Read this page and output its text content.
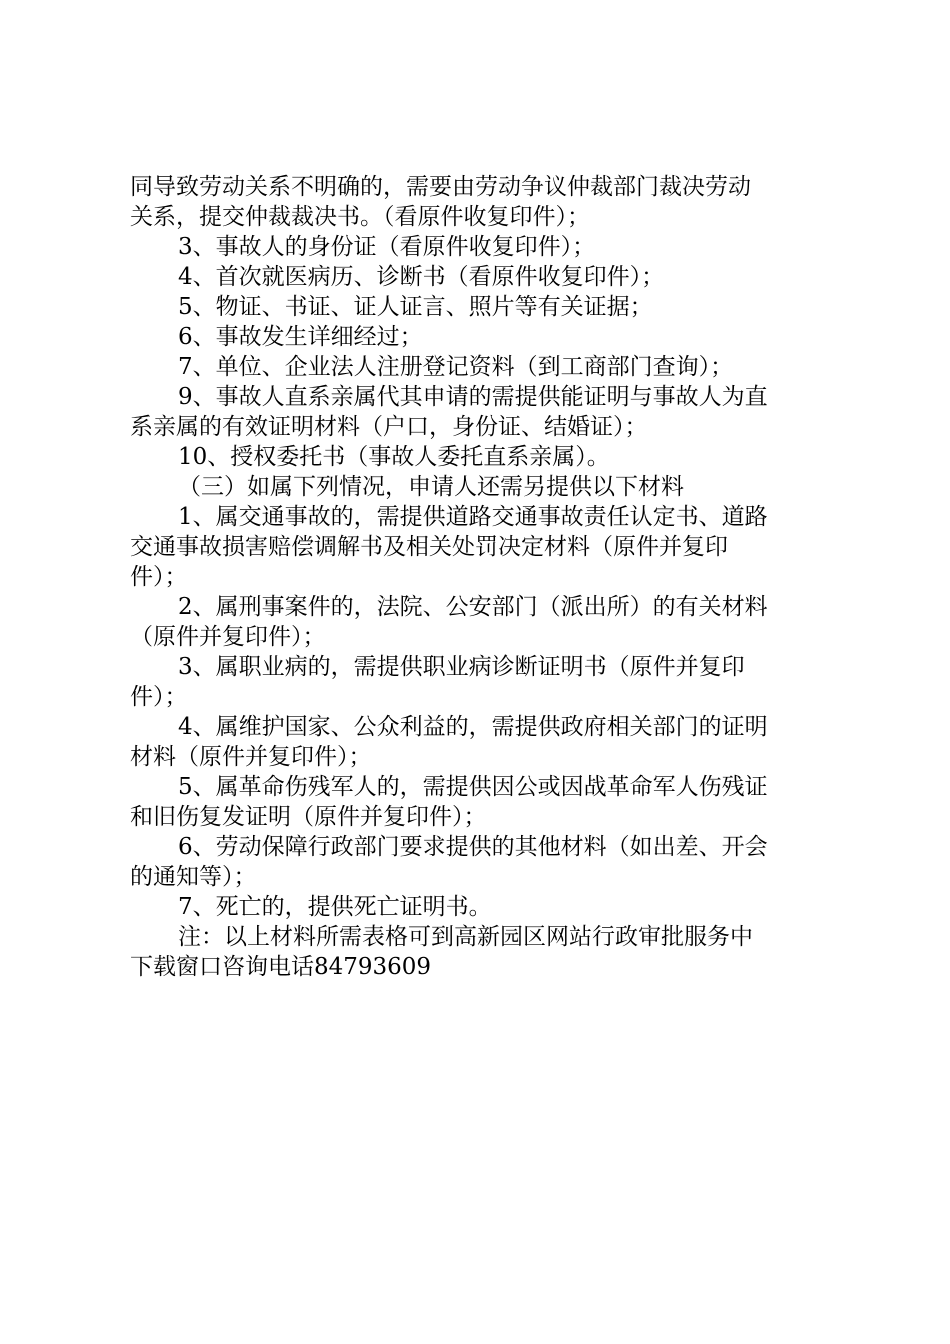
同导致劳动关系不明确的，需要由劳动争议仲裁部门裁决劳动
关系，提交仲裁裁决书。（看原件收复印件）；
3、事故人的身份证（看原件收复印件）；
4、首次就医病历、诊断书（看原件收复印件）；
5、物证、书证、证人证言、照片等有关证据；
6、事故发生详细经过；
7、单位、企业法人注册登记资料（到工商部门查询）；
9、事故人直系亲属代其申请的需提供能证明与事故人为直
系亲属的有效证明材料（户口，身份证、结婚证）；
10、授权委托书（事故人委托直系亲属）。
（三）如属下列情况，申请人还需另提供以下材料
1、属交通事故的，需提供道路交通事故责任认定书、道路
交通事故损害赔偿调解书及相关处罚决定材料（原件并复印
件）；
2、属刑事案件的，法院、公安部门（派出所）的有关材料
（原件并复印件）；
3、属职业病的，需提供职业病诊断证明书（原件并复印
件）；
4、属维护国家、公众利益的，需提供政府相关部门的证明
材料（原件并复印件）；
5、属革命伤残军人的，需提供因公或因战革命军人伤残证
和旧伤复发证明（原件并复印件）；
6、劳动保障行政部门要求提供的其他材料（如出差、开会
的通知等）；
7、死亡的，提供死亡证明书。
注：以上材料所需表格可到高新园区网站行政审批服务中
下载窗口咨询电话84793609
